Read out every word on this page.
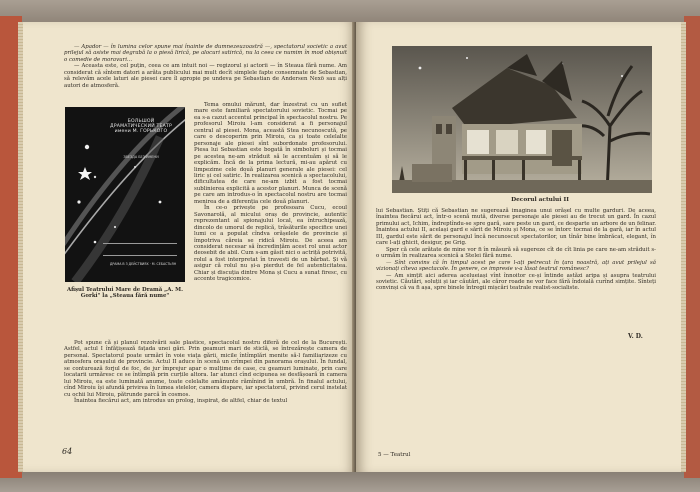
— Apador — în lumina celor spune mai înainte de dumnezeuzoastră —, spectatorul societic a avut prilejul să asiste mai degrabă la o piesă lirică, pe alocuri satirică, nu la ceea ce numim în mod obișnuit o comedie de moravuri...

— Aceasta este, cel puțin, ceea ce am intuit noi — regizorul și actorii — în Steaua fără nume. Am considerat că sîntem datori a arăta publicului mai mult decît simplele fapte consemnate de Sebastian, să relevăm acele laturi ale piesei care îl apropie pe undeva pe Sebastian de Andersen Nexö sau alți autori de atmosferă.

БОЛЬШОЙ ДРАМАТИЧЕСКИЙ ТЕАТР имени М. ГОРЬКОГО
ЗВЕЗДА БЕЗ ИМЕНИ
ДРАМА В 3 ДЕЙСТВИЯХ · М. СЕБАСТЬЯН
Afișul Teatrului Mare de Dramă „A. M. Gorki" la „Steaua fără nume"

Tema omului mărunt, dar înzestrat cu un suflet mare este familiară spectatorului sovietic. Tocmai pe ea s-a cazut accentul principal în spectacolul nostru. Pe profesorul Miroiu l-am considerat a fi personajul central al piesei. Mona, această Stea necunoscută, pe care o descoperim prin Miroiu, ca și toate celelalte personaje ale piesei sînt subordonate profesorului. Piesa lui Sebastian este bogată în simboluri și tocmai pe acestea ne-am străduit să le accentuăm și să le explicăm. Încă de la prima lectură, mi-au apărut cu limpezime cele două planuri generale ale piesei: cel liric și cel satiric. În realizarea scenică a spectacolului, dificultatea de care ne-am izbit a fost tocmai sublinierea explicită a acestor planuri. Munca de scenă pe care am introdus-o în spectacolul nostru are tocmai menirea de a diferenția cele două planuri.

În ce-o privește pe profesoara Cucu, ecoul Savonarolă, al micului oraș de provincie, autentic reprezentant al spionajului local, ea întruchipează, dincolo de umorul de replică, trăsăturile specifice unei lumi ce a populat cîndva orășelele de provincie și împotriva căreia se ridică Miroiu. De aceea am considerat necesar să încredințăm acest rol unui actor deosebit de abil. Cum s-am găsit nici o actriță potrivită, rolul a fost interpretat în travesti de un bărbat. Și vă asigur că rolul nu și-a pierdut de fel autenticitatea. Chiar și discuția dintre Mona și Cucu a sunat firesc, cu accente tragicomice.

Pot spune că și planul rezolvării sale plastice, spectacolul nostru diferă de cel de la București. Astfel, actul I înfățișează fațada unei gări. Prin geamuri mari de sticlă, se întrezărește camera de personal. Spectatorul poate urmări în voie viața gării, micile întîmplări menite să-l familiarizeze cu atmosfera orașului de provincie. Actul II aduce în scenă un crîmpei din panorama orașului. În fundal, se conturează forjul de foc, de jur împrejur apar o mulțime de case, cu geamuri luminate, prin care locatarii urmăresc ce se întîmplă prin curțile altora. Iar atunci cînd ecipunea se desfășoară în camera lui Miroiu, ea este luminată anume, toate celelalte amănunte rămînind în umbră. În finalul actului, cînd Miroiu își afundă privirea în lumea stelelor, camera dispare, iar spectatorul, privind cerul instelat cu ochii lui Miroiu, pătrunde parcă în cosmos.

Înaintea fiecărui act, am introdus un prolog, inspirat, de altfel, chiar de textul

64
Decorul actului II

lui Sebastian. Știți că Sebastian ne sugerează imaginea unui orășel cu multe garduri. De aceea, înaintea fiecărui act, într-o scenă mută, diverse personaje ale piesei au de trecut un gard. În cazul primului act, Ichim, îndreptîndu-se spre gară, sare peste un gard, ce desparte un arbore de un felinar. Înaintea actului II, același gard e sărit de Miroiu și Mona, ce se întorc tocmai de la gară, iar în actul III, gardul este sărit de personajul încă necunoscut spectatorilor, un tînăr bine îmbrăcat, elegant, în care l-ați ghicit, desigur, pe Grig.

Sper că cele arătate de mine vor fi în măsură să sugereze cît de cît linia pe care ne-am străduit s-o urmăm în realizarea scenică a Stelei fără nume.

— Sînt convins că în timpul acest pe care l-ați petrecut în țara noastră, ați avut prilejul să vizionați cîteva spectacole. În genere, ce impresie v-a lăsat teatrul românesc?

— Am simțit aici aderea acelueiași vînt înnoitor ce-și întinde astăzi aripa și asupra teatrului sovietic. Căutări, soluții și iar căutări, ale căror roade ne vor face fără îndoială curînd simțite. Sînteți convinși că va fi așa, spre binele întregii mișcări teatrale realist-socialiste.

V. D.
5 — Teatrul
